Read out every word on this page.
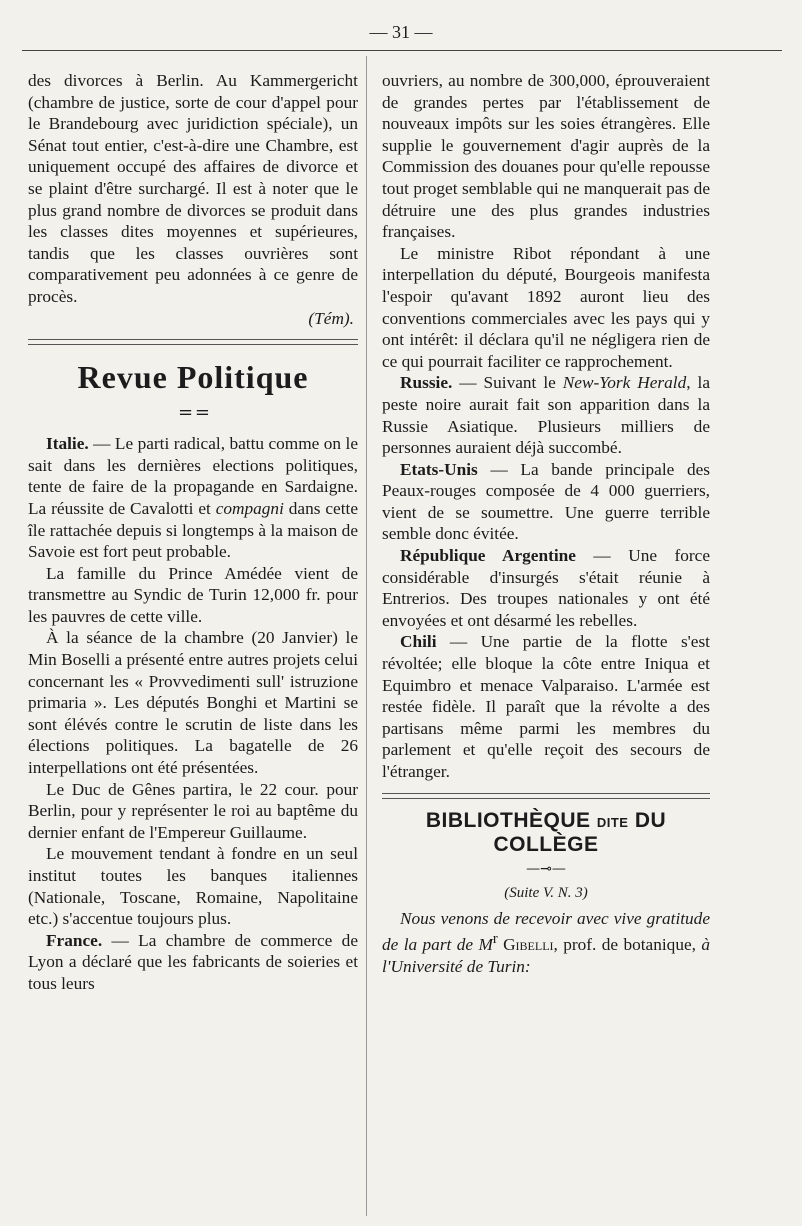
— 31 —

des divorces à Berlin. Au Kammergericht (chambre de justice, sorte de cour d'appel pour le Brandebourg avec juridiction spéciale), un Sénat tout entier, c'est-à-dire une Chambre, est uniquement occupé des affaires de divorce et se plaint d'être surchargé. Il est à noter que le plus grand nombre de divorces se produit dans les classes dites moyennes et supérieures, tandis que les classes ouvrières sont comparativement peu adonnées à ce genre de procès.

(Tém).

Revue Politique
= =

Italie. — Le parti radical, battu comme on le sait dans les dernières elections politiques, tente de faire de la propagande en Sardaigne. La réussite de Cavalotti et compagni dans cette île rattachée depuis si longtemps à la maison de Savoie est fort peut probable.

La famille du Prince Amédée vient de transmettre au Syndic de Turin 12,000 fr. pour les pauvres de cette ville.

À la séance de la chambre (20 Janvier) le Min Boselli a présenté entre autres projets celui concernant les « Provvedimenti sull' istruzione primaria ». Les députés Bonghi et Martini se sont élévés contre le scrutin de liste dans les élections politiques. La bagatelle de 26 interpellations ont été présentées.

Le Duc de Gênes partira, le 22 cour. pour Berlin, pour y représenter le roi au baptême du dernier enfant de l'Empereur Guillaume.

Le mouvement tendant à fondre en un seul institut toutes les banques italiennes (Nationale, Toscane, Romaine, Napolitaine etc.) s'accentue toujours plus.

France. — La chambre de commerce de Lyon a déclaré que les fabricants de soieries et tous leurs

ouvriers, au nombre de 300,000, éprouveraient de grandes pertes par l'établissement de nouveaux impôts sur les soies étrangères. Elle supplie le gouvernement d'agir auprès de la Commission des douanes pour qu'elle repousse tout proget semblable qui ne manquerait pas de détruire une des plus grandes industries françaises.

Le ministre Ribot répondant à une interpellation du député, Bourgeois manifesta l'espoir qu'avant 1892 auront lieu des conventions commerciales avec les pays qui y ont intérêt: il déclara qu'il ne négligera rien de ce qui pourrait faciliter ce rapprochement.

Russie. — Suivant le New-York Herald, la peste noire aurait fait son apparition dans la Russie Asiatique. Plusieurs milliers de personnes auraient déjà succombé.

Etats-Unis — La bande principale des Peaux-rouges composée de 4 000 guerriers, vient de se soumettre. Une guerre terrible semble donc évitée.

République Argentine — Une force considérable d'insurgés s'était réunie à Entrerios. Des troupes nationales y ont été envoyées et ont désarmé les rebelles.

Chili — Une partie de la flotte s'est révoltée; elle bloque la côte entre Iniqua et Equimbro et menace Valparaiso. L'armée est restée fidèle. Il paraît que la révolte a des partisans même parmi les membres du parlement et qu'elle reçoit des secours de l'étranger.

BIBLIOTHÈQUE DITE DU COLLÈGE
—⊸—
(Suite V. N. 3)

Nous venons de recevoir avec vive gratitude de la part de $M^r$ Gibelli, prof. de botanique, à l'Université de Turin:
